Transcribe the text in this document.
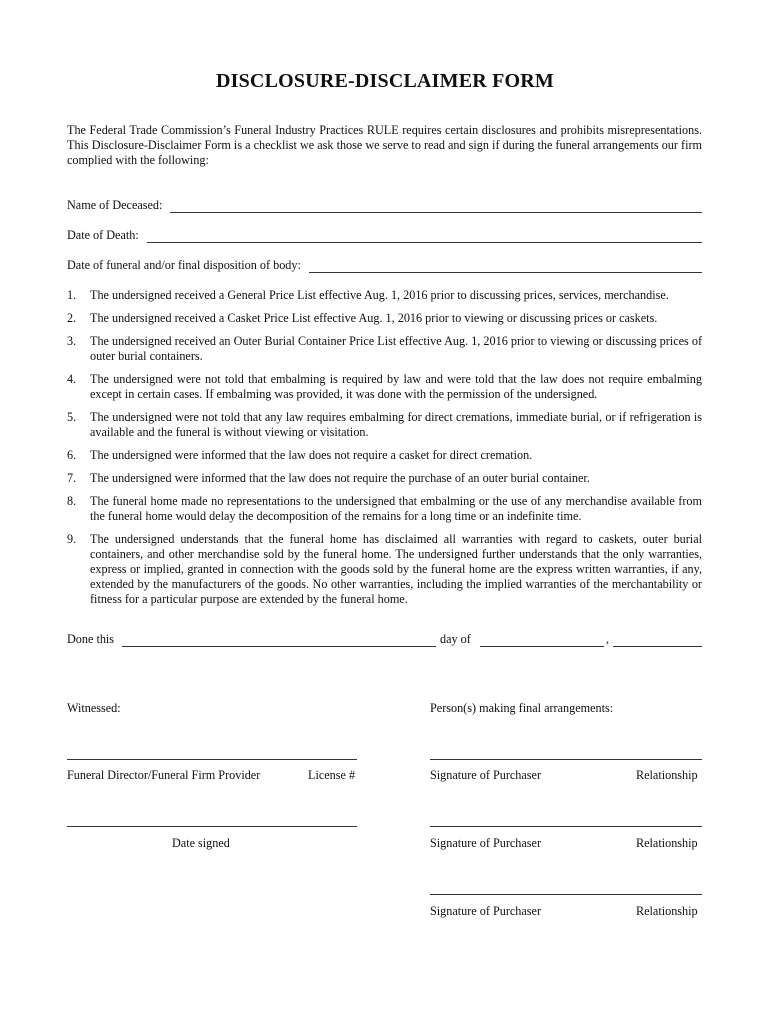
DISCLOSURE-DISCLAIMER FORM
The Federal Trade Commission’s Funeral Industry Practices RULE requires certain disclosures and prohibits misrepresentations. This Disclosure-Disclaimer Form is a checklist we ask those we serve to read and sign if during the funeral arrangements our firm complied with the following:
Name of Deceased:
Date of Death:
Date of funeral and/or final disposition of body:
1.	The undersigned received a General Price List effective Aug. 1, 2016 prior to discussing prices, services, merchandise.
2.	The undersigned received a Casket Price List effective Aug. 1, 2016 prior to viewing or discussing prices or caskets.
3.	The undersigned received an Outer Burial Container Price List effective Aug. 1, 2016 prior to viewing or discussing prices of outer burial containers.
4.	The undersigned were not told that embalming is required by law and were told that the law does not require embalming except in certain cases. If embalming was provided, it was done with the permission of the undersigned.
5.	The undersigned were not told that any law requires embalming for direct cremations, immediate burial, or if refrigeration is available and the funeral is without viewing or visitation.
6.	The undersigned were informed that the law does not require a casket for direct cremation.
7.	The undersigned were informed that the law does not require the purchase of an outer burial container.
8.	The funeral home made no representations to the undersigned that embalming or the use of any merchandise available from the funeral home would delay the decomposition of the remains for a long time or an indefinite time.
9.	The undersigned understands that the funeral home has disclaimed all warranties with regard to caskets, outer burial containers, and other merchandise sold by the funeral home. The undersigned further understands that the only warranties, express or implied, granted in connection with the goods sold by the funeral home are the express written warranties, if any, extended by the manufacturers of the goods. No other warranties, including the implied warranties of the merchantability or fitness for a particular purpose are extended by the funeral home.
Done this	day of	,
Witnessed:	Person(s) making final arrangements:
Funeral Director/Funeral Firm Provider	License #	Signature of Purchaser	Relationship
Date signed	Signature of Purchaser	Relationship
Signature of Purchaser	Relationship
